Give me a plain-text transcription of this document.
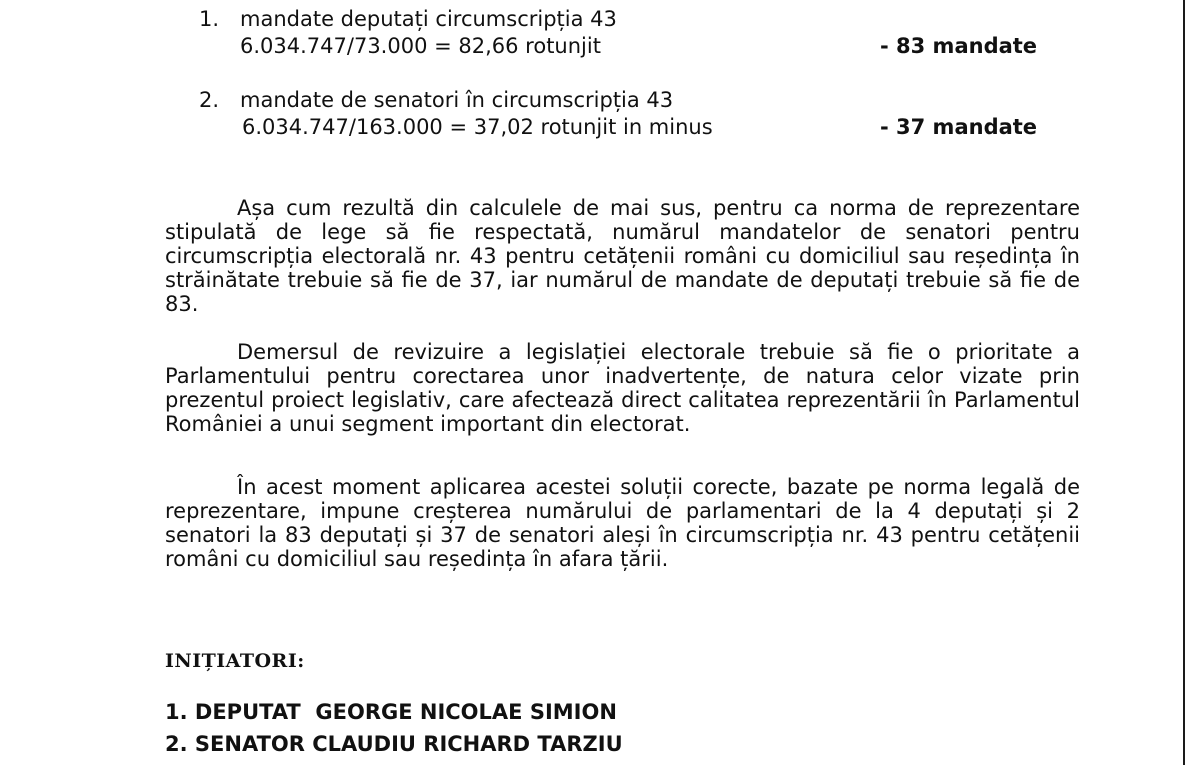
1. mandate deputați circumscripția 43
6.034.747/73.000 = 82,66 rotunjit	- 83 mandate
2. mandate de senatori în circumscripția 43
6.034.747/163.000 = 37,02 rotunjit in minus	- 37 mandate

Așa cum rezultă din calculele de mai sus, pentru ca norma de reprezentare stipulată de lege să fie respectată, numărul mandatelor de senatori pentru circumscripția electorală nr. 43 pentru cetățenii români cu domiciliul sau reședința în străinătate trebuie să fie de 37, iar numărul de mandate de deputați trebuie să fie de 83.

Demersul de revizuire a legislației electorale trebuie să fie o prioritate a Parlamentului pentru corectarea unor inadvertențe, de natura celor vizate prin prezentul proiect legislativ, care afectează direct calitatea reprezentării în Parlamentul României a unui segment important din electorat.

În acest moment aplicarea acestei soluții corecte, bazate pe norma legală de reprezentare, impune creșterea numărului de parlamentari de la 4 deputați și 2 senatori la 83 deputați și 37 de senatori aleși în circumscripția nr. 43 pentru cetățenii români cu domiciliul sau reședința în afara țării.

INIȚIATORI:
1. DEPUTAT  GEORGE NICOLAE SIMION
2. SENATOR CLAUDIU RICHARD TARZIU
